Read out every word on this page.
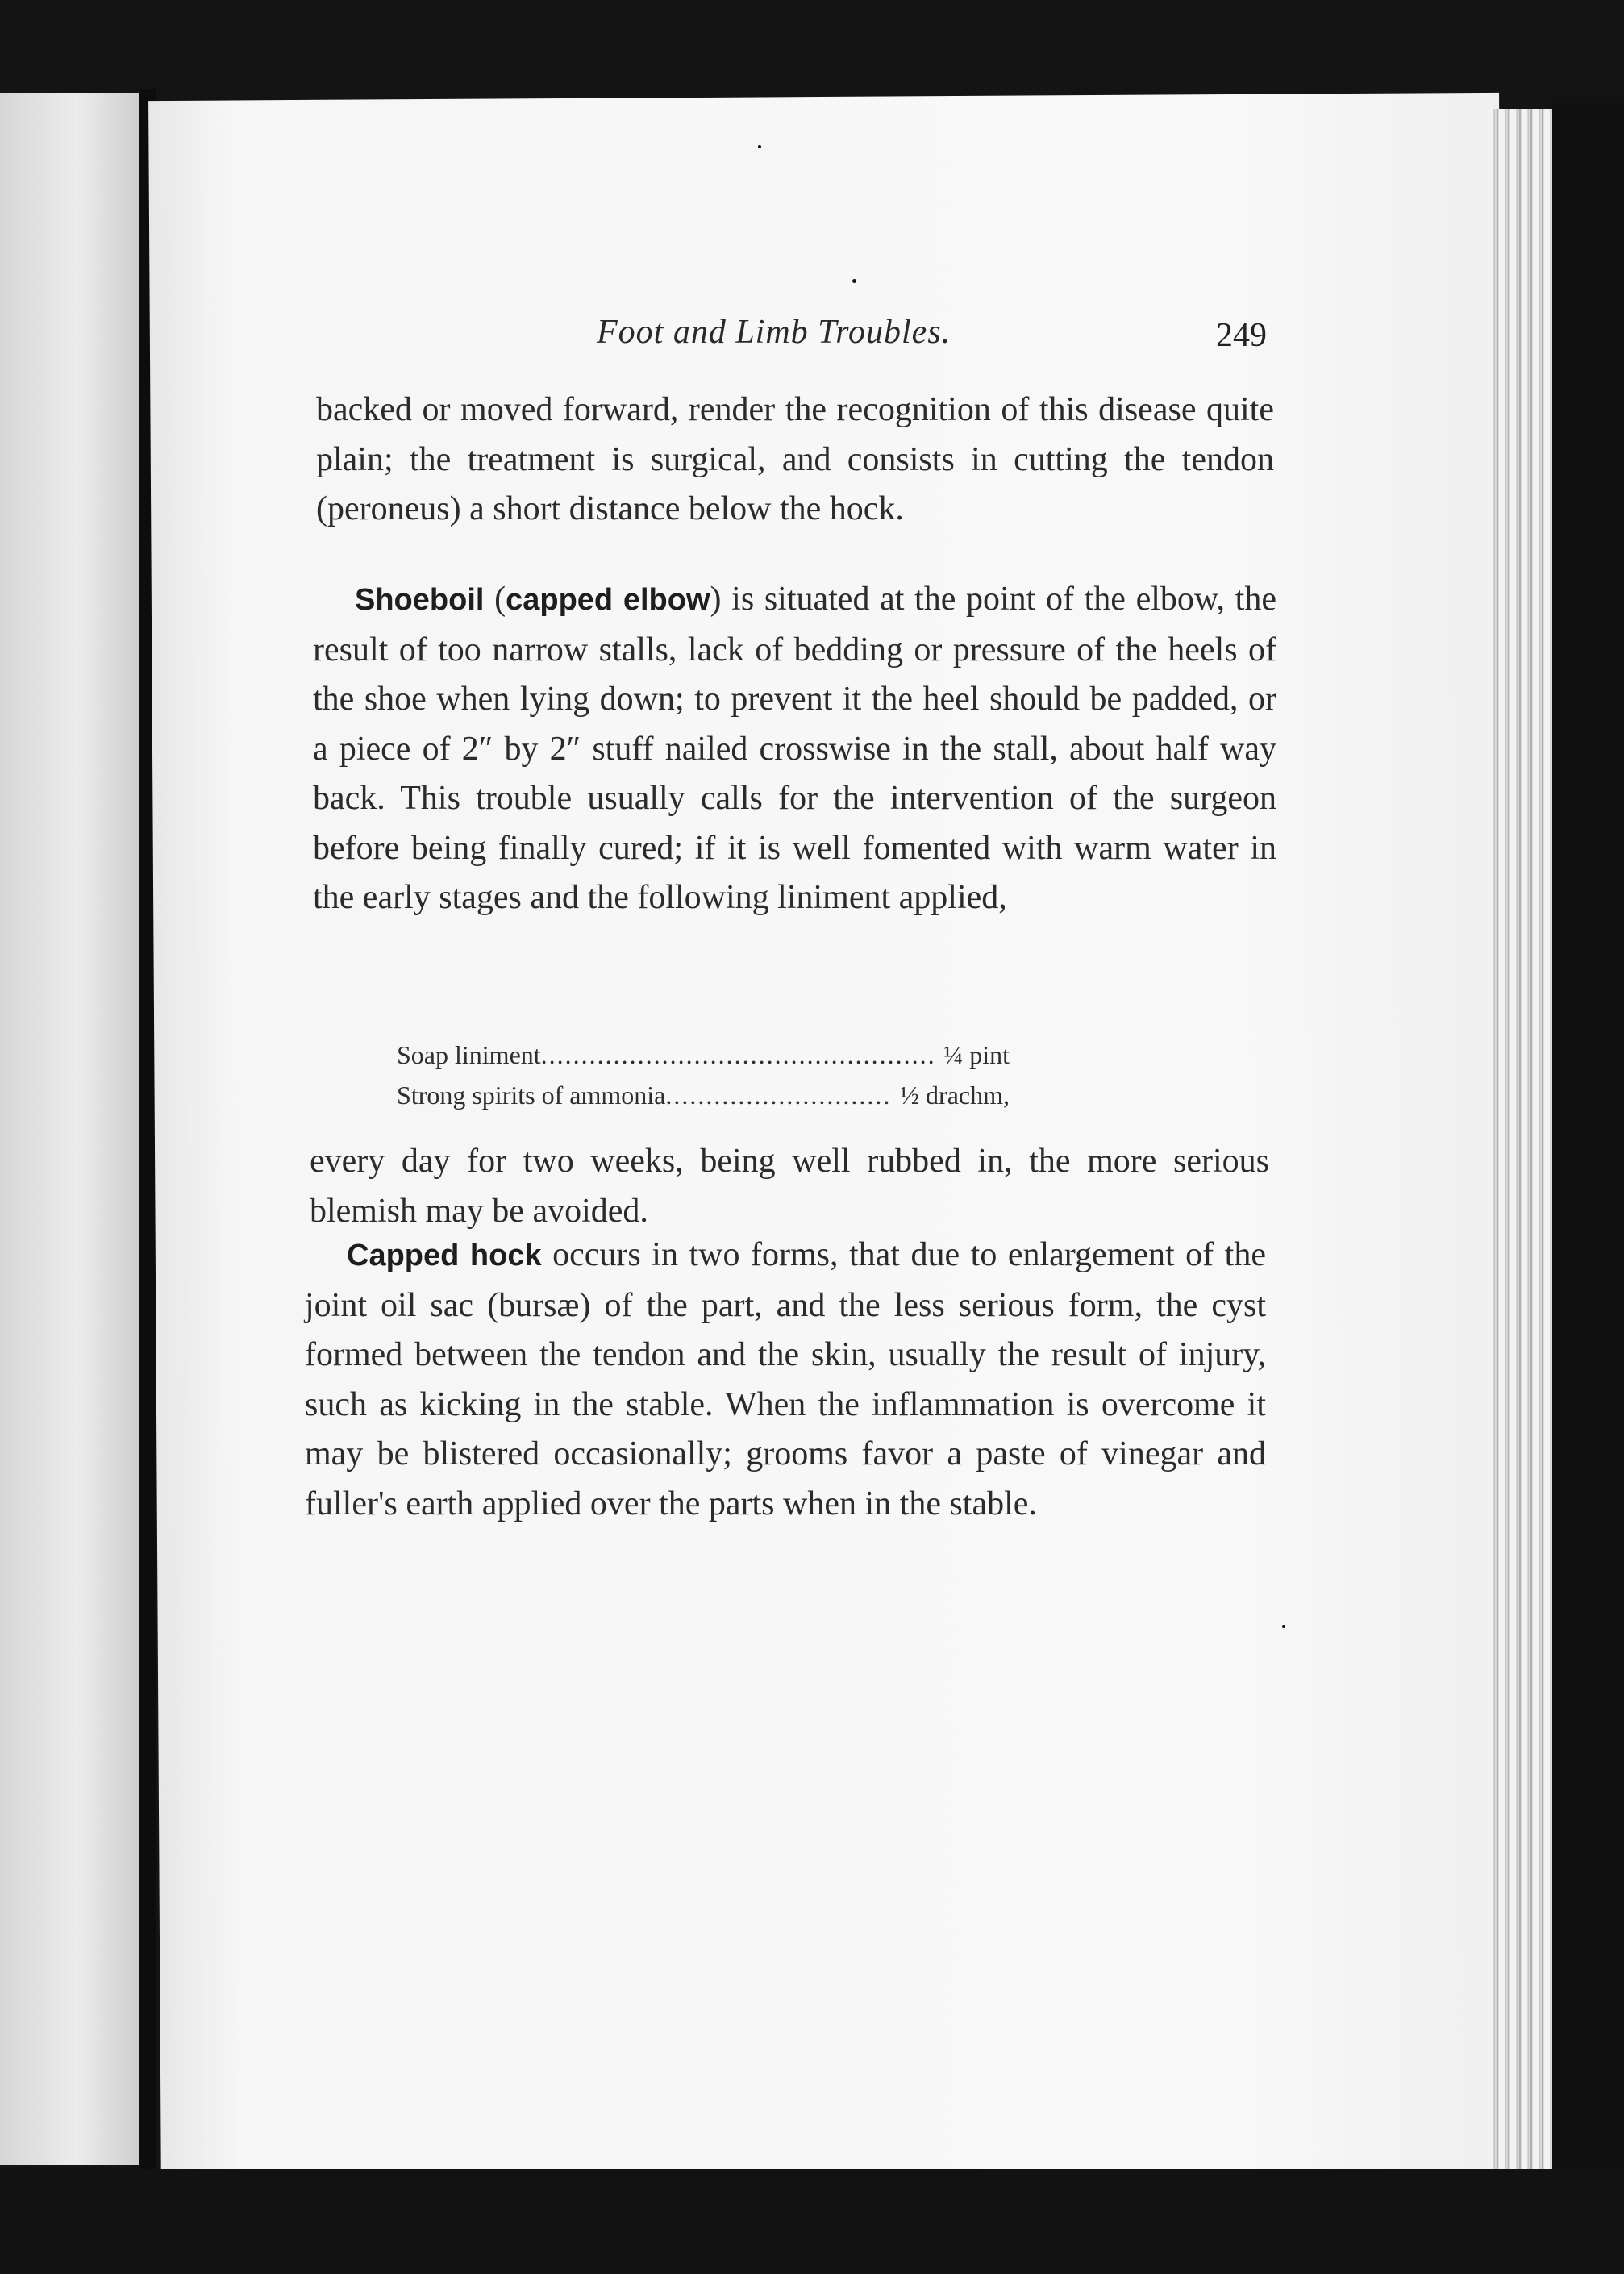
Foot and Limb Troubles.	249

backed or moved forward, render the recognition of this disease quite plain; the treatment is surgical, and consists in cutting the tendon (peroneus) a short distance below the hock.

Shoeboil (capped elbow) is situated at the point of the elbow, the result of too narrow stalls, lack of bedding or pressure of the heels of the shoe when lying down; to prevent it the heel should be padded, or a piece of 2″ by 2″ stuff nailed crosswise in the stall, about half way back. This trouble usually calls for the intervention of the surgeon before being finally cured; if it is well fomented with warm water in the early stages and the following liniment applied,

Soap liniment .....	¼ pint
Strong spirits of ammonia .....	½ drachm,

every day for two weeks, being well rubbed in, the more serious blemish may be avoided.

Capped hock occurs in two forms, that due to enlargement of the joint oil sac (bursæ) of the part, and the less serious form, the cyst formed between the tendon and the skin, usually the result of injury, such as kicking in the stable. When the inflammation is overcome it may be blistered occasionally; grooms favor a paste of vinegar and fuller's earth applied over the parts when in the stable.
